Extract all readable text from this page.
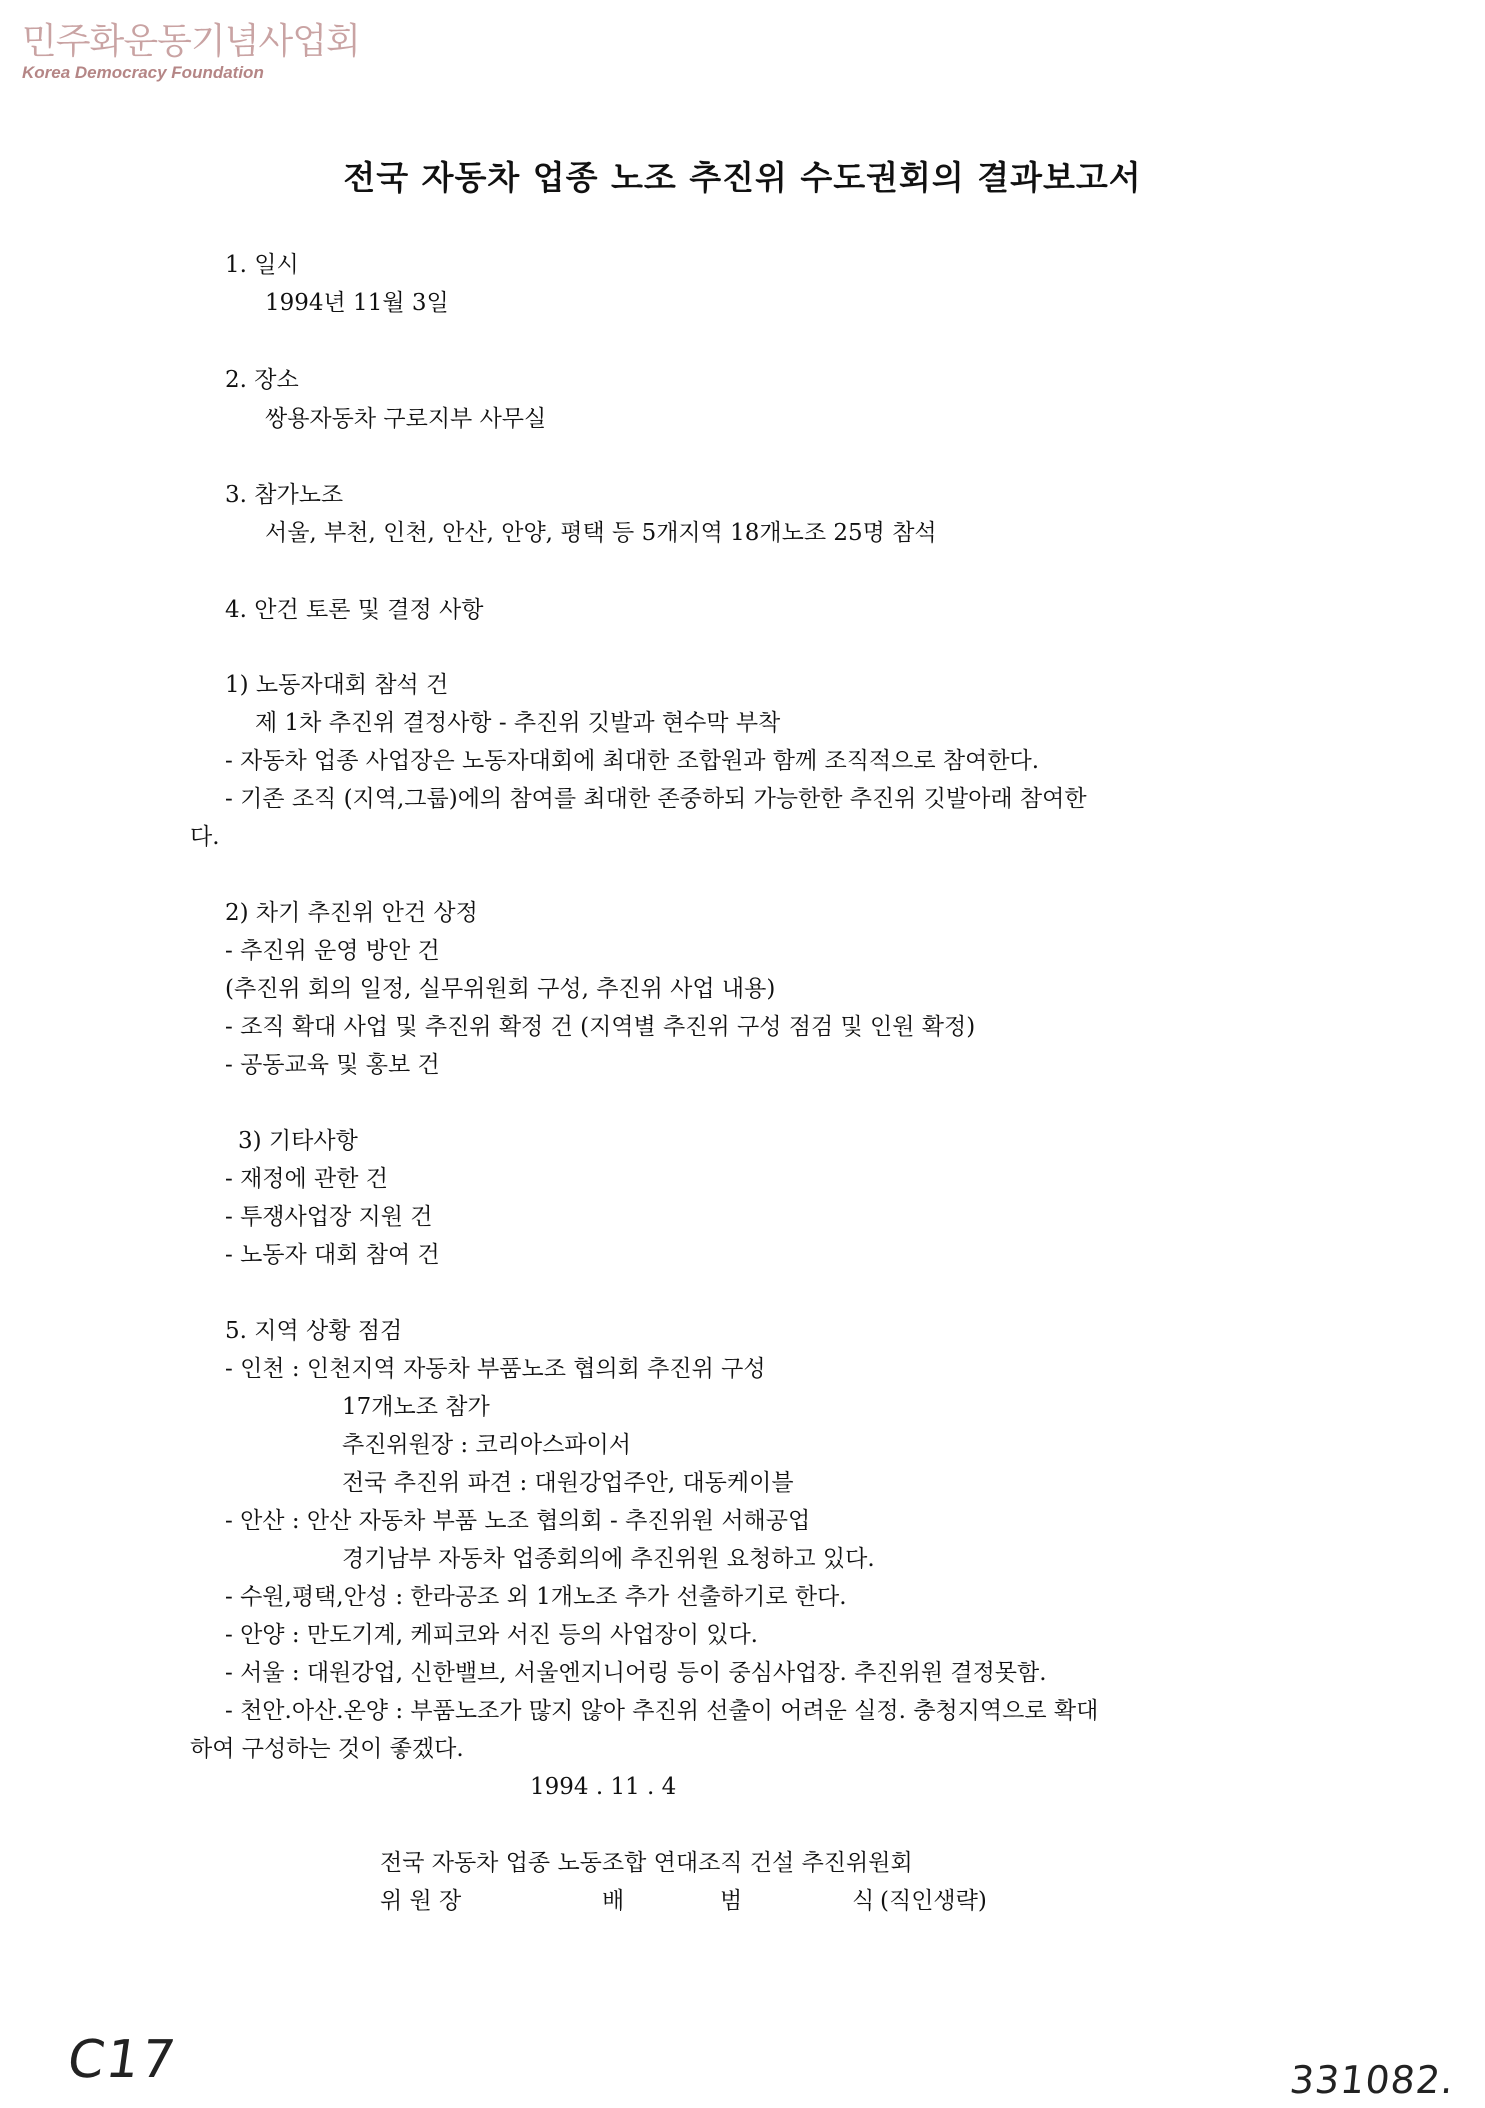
민주화운동기념사업회
Korea Democracy Foundation
전국 자동차 업종 노조 추진위 수도권회의 결과보고서
1. 일시
1994년 11월 3일
2. 장소
쌍용자동차 구로지부 사무실
3. 참가노조
서울, 부천, 인천, 안산, 안양, 평택 등 5개지역 18개노조 25명 참석
4. 안건 토론 및 결정 사항
1) 노동자대회 참석 건
제 1차 추진위 결정사항 - 추진위 깃발과 현수막 부착
- 자동차 업종 사업장은 노동자대회에 최대한 조합원과 함께 조직적으로 참여한다.
- 기존 조직 (지역,그룹)에의 참여를 최대한 존중하되 가능한한 추진위 깃발아래 참여한
다.
2) 차기 추진위 안건 상정
- 추진위 운영 방안 건
(추진위 회의 일정, 실무위원회 구성, 추진위 사업 내용)
- 조직 확대 사업 및 추진위 확정 건 (지역별 추진위 구성 점검 및 인원 확정)
- 공동교육 및 홍보 건
3) 기타사항
- 재정에 관한 건
- 투쟁사업장 지원 건
- 노동자 대회 참여 건
5. 지역 상황 점검
- 인천 : 인천지역 자동차 부품노조 협의회 추진위 구성
17개노조 참가
추진위원장 : 코리아스파이서
전국 추진위 파견 : 대원강업주안, 대동케이블
- 안산 : 안산 자동차 부품 노조 협의회 - 추진위원 서해공업
경기남부 자동차 업종회의에 추진위원 요청하고 있다.
- 수원,평택,안성 : 한라공조 외 1개노조 추가 선출하기로 한다.
- 안양 : 만도기계, 케피코와 서진 등의 사업장이 있다.
- 서울 : 대원강업, 신한밸브, 서울엔지니어링 등이 중심사업장. 추진위원 결정못함.
- 천안.아산.온양 : 부품노조가 많지 않아 추진위 선출이 어려운 실정. 충청지역으로 확대
하여 구성하는 것이 좋겠다.
1994 . 11 . 4
전국 자동차 업종 노동조합 연대조직 건설 추진위원회
위 원 장	배	범	식 (직인생략)
C17	331082.
